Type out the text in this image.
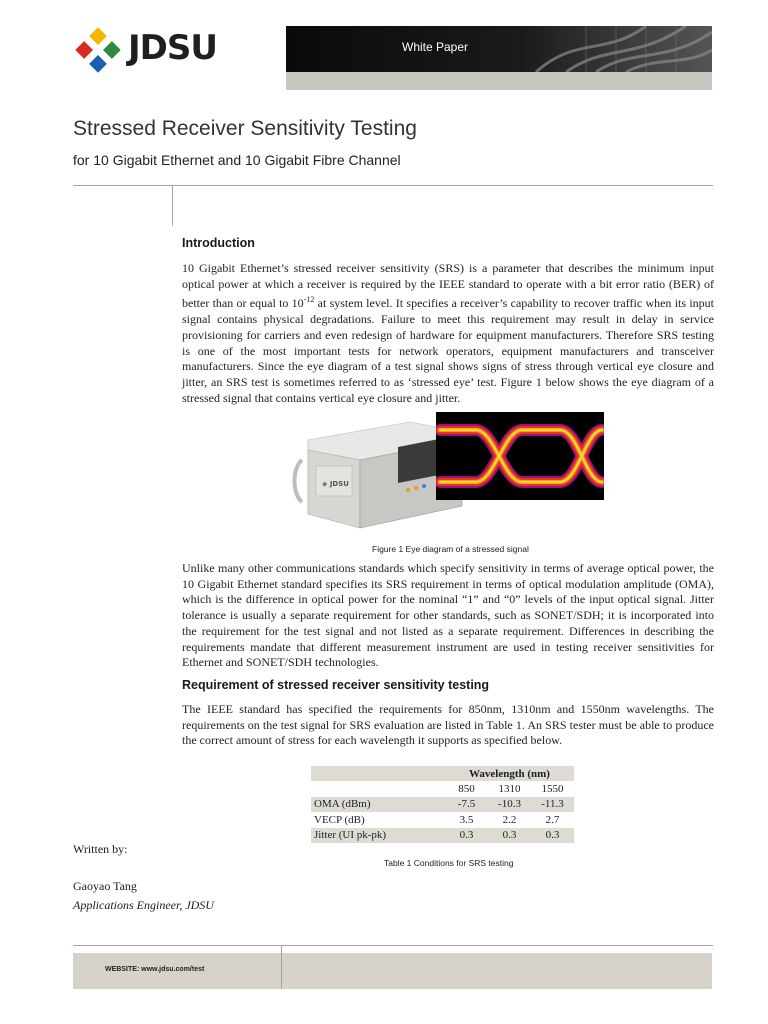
JDSU	White Paper
Stressed Receiver Sensitivity Testing
for 10 Gigabit Ethernet and 10 Gigabit Fibre Channel
Introduction
10 Gigabit Ethernet’s stressed receiver sensitivity (SRS) is a parameter that describes the minimum input optical power at which a receiver is required by the IEEE standard to operate with a bit error ratio (BER) of better than or equal to $10^{-12}$ at system level. It specifies a receiver’s capability to recover traffic when its input signal contains physical degradations. Failure to meet this requirement may result in delay in service provisioning for carriers and even redesign of hardware for equipment manufacturers. Therefore SRS testing is one of the most important tests for network operators, equipment manufacturers and transceiver manufacturers. Since the eye diagram of a test signal shows signs of stress through vertical eye closure and jitter, an SRS test is sometimes referred to as ‘stressed eye’ test. Figure 1 below shows the eye diagram of a stressed signal that contains vertical eye closure and jitter.
◈ JDSU
Figure 1 Eye diagram of a stressed signal
Unlike many other communications standards which specify sensitivity in terms of average optical power, the 10 Gigabit Ethernet standard specifies its SRS requirement in terms of optical modulation amplitude (OMA), which is the difference in optical power for the nominal “1” and “0” levels of the input optical signal. Jitter tolerance is usually a separate requirement for other standards, such as SONET/SDH; it is incorporated into the requirement for the test signal and not listed as a separate requirement. Differences in describing the requirements mandate that different measurement instrument are used in testing receiver sensitivities for Ethernet and SONET/SDH technologies.
Requirement of stressed receiver sensitivity testing
The IEEE standard has specified the requirements for 850nm, 1310nm and 1550nm wavelengths. The requirements on the test signal for SRS evaluation are listed in Table 1. An SRS tester must be able to produce the correct amount of stress for each wavelength it supports as specified below.
	Wavelength (nm)		
	850	1310	1550
OMA (dBm)	-7.5	-10.3	-11.3
VECP (dB)	3.5	2.2	2.7
Jitter (UI pk-pk)	0.3	0.3	0.3
Table 1 Conditions for SRS testing
Written by:
Gaoyao Tang
Applications Engineer, JDSU
WEBSITE: www.jdsu.com/test
